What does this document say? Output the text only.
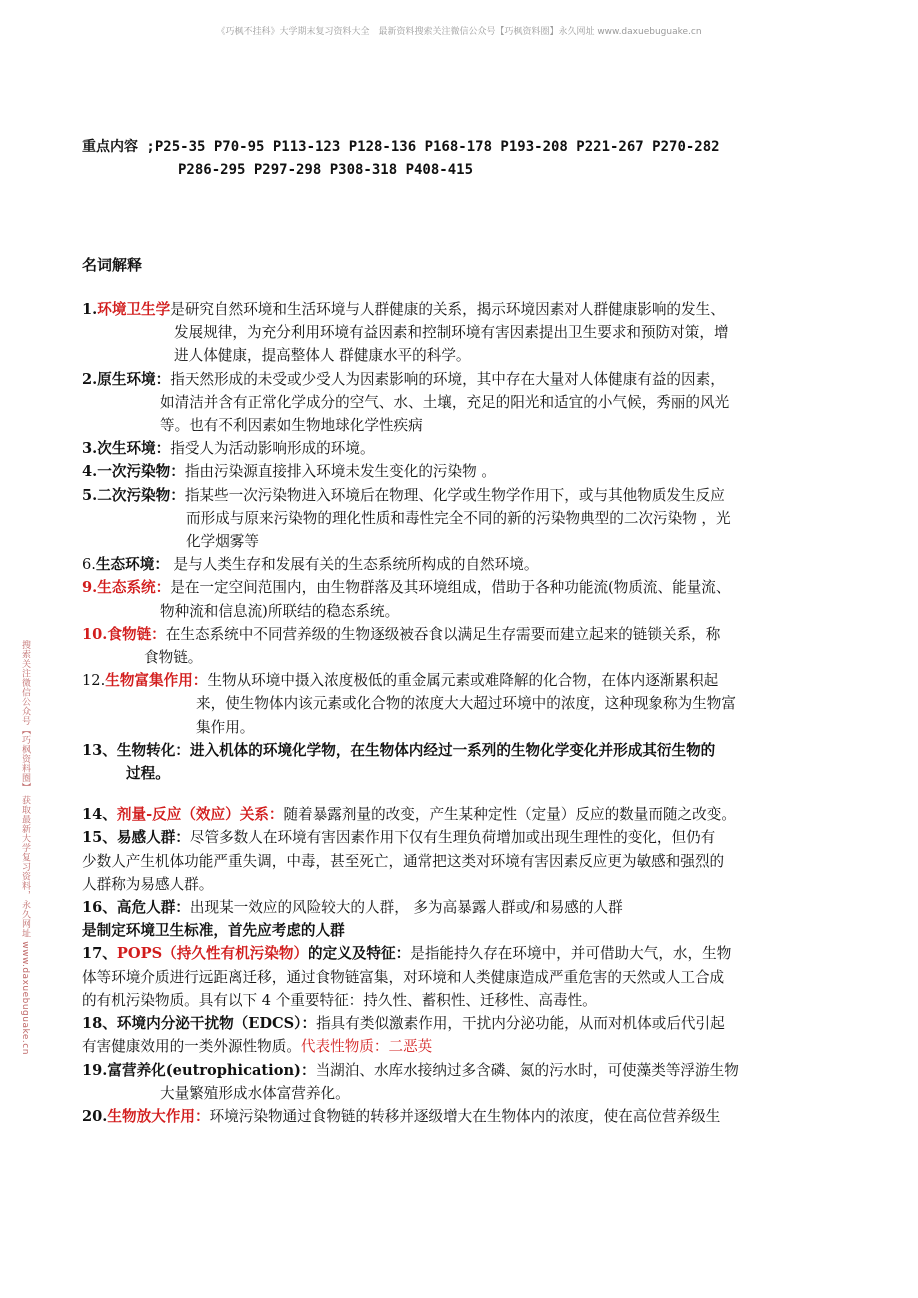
《巧枫不挂科》大学期末复习资料大全　最新资料搜索关注微信公众号【巧枫资料圈】永久网址 www.daxuebuguake.cn
搜索关注微信公众号【巧枫资料圈】 获取最新大学复习资料，永久网址 www.daxuebuguake.cn
重点内容 ;P25-35 P70-95 P113-123 P128-136 P168-178 P193-208 P221-267 P270-282
P286-295 P297-298 P308-318 P408-415
名词解释
1.环境卫生学是研究自然环境和生活环境与人群健康的关系，揭示环境因素对人群健康影响的发生、
发展规律，为充分利用环境有益因素和控制环境有害因素提出卫生要求和预防对策，增
进人体健康，提高整体人 群健康水平的科学。
2.原生环境：指天然形成的未受或少受人为因素影响的环境，其中存在大量对人体健康有益的因素，
如清洁并含有正常化学成分的空气、水、土壤，充足的阳光和适宜的小气候，秀丽的风光
等。也有不利因素如生物地球化学性疾病
3.次生环境：指受人为活动影响形成的环境。
4.一次污染物：指由污染源直接排入环境未发生变化的污染物 。
5.二次污染物：指某些一次污染物进入环境后在物理、化学或生物学作用下，或与其他物质发生反应
而形成与原来污染物的理化性质和毒性完全不同的新的污染物典型的二次污染物 ，光
化学烟雾等
6.生态环境： 是与人类生存和发展有关的生态系统所构成的自然环境。
9.生态系统：是在一定空间范围内，由生物群落及其环境组成，借助于各种功能流(物质流、能量流、
物种流和信息流)所联结的稳态系统。
10.食物链：在生态系统中不同营养级的生物逐级被吞食以满足生存需要而建立起来的链锁关系，称
食物链。
12.生物富集作用：生物从环境中摄入浓度极低的重金属元素或难降解的化合物，在体内逐渐累积起
来，使生物体内该元素或化合物的浓度大大超过环境中的浓度，这种现象称为生物富
集作用。
13、生物转化：进入机体的环境化学物，在生物体内经过一系列的生物化学变化并形成其衍生物的
过程。
14、剂量-反应（效应）关系：随着暴露剂量的改变，产生某种定性（定量）反应的数量而随之改变。
15、易感人群：尽管多数人在环境有害因素作用下仅有生理负荷增加或出现生理性的变化，但仍有
少数人产生机体功能严重失调，中毒，甚至死亡，通常把这类对环境有害因素反应更为敏感和强烈的
人群称为易感人群。
16、高危人群：出现某一效应的风险较大的人群， 多为高暴露人群或/和易感的人群
是制定环境卫生标准，首先应考虑的人群
17、POPS（持久性有机污染物）的定义及特征：是指能持久存在环境中，并可借助大气，水，生物
体等环境介质进行远距离迁移，通过食物链富集，对环境和人类健康造成严重危害的天然或人工合成
的有机污染物质。具有以下 4 个重要特征：持久性、蓄积性、迁移性、高毒性。
18、环境内分泌干扰物（EDCS）：指具有类似激素作用，干扰内分泌功能，从而对机体或后代引起
有害健康效用的一类外源性物质。代表性物质：二恶英
19.富营养化(eutrophication)：当湖泊、水库水接纳过多含磷、氮的污水时，可使藻类等浮游生物
大量繁殖形成水体富营养化。
20.生物放大作用：环境污染物通过食物链的转移并逐级增大在生物体内的浓度，使在高位营养级生
